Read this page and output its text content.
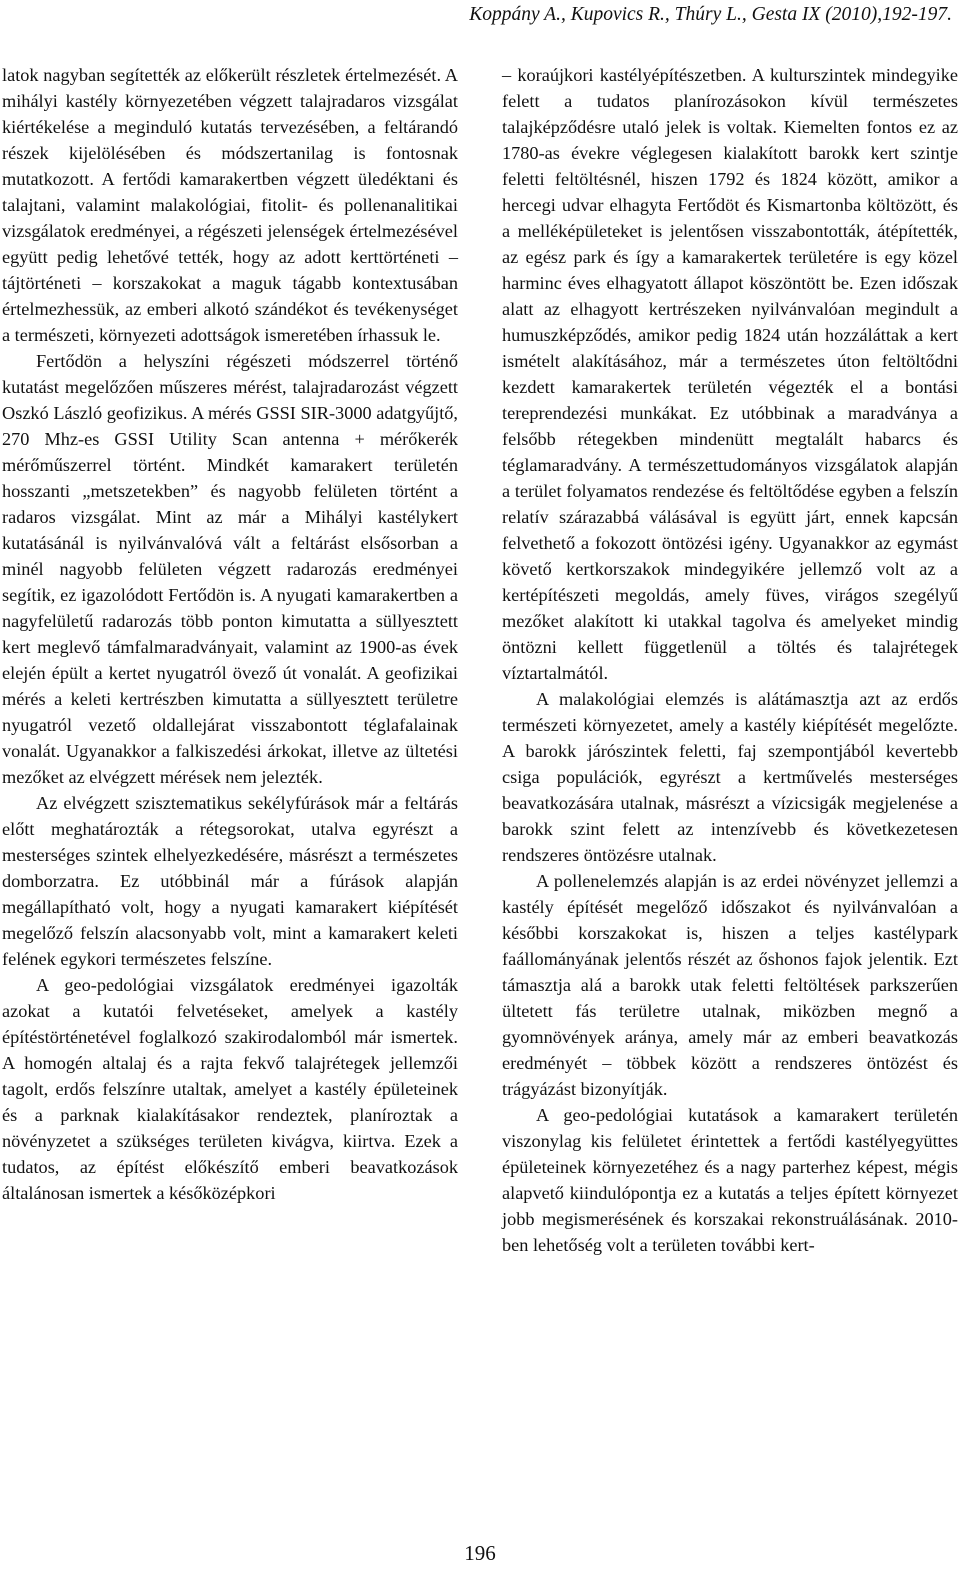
Koppány A., Kupovics R., Thúry L., Gesta IX (2010),192-197.

latok nagyban segítették az előkerült részletek értelmezését. A mihályi kastély környezetében végzett talajradaros vizsgálat kiértékelése a meginduló kutatás tervezésében, a feltárandó részek kijelölésében és módszertanilag is fontosnak mutatkozott. A fertődi kamarakertben végzett üledéktani és talajtani, valamint malakológiai, fitolit- és pollenanalitikai vizsgálatok eredményei, a régészeti jelenségek értelmezésével együtt pedig lehetővé tették, hogy az adott kerttörténeti – tájtörténeti – korszakokat a maguk tágabb kontextusában értelmezhessük, az emberi alkotó szándékot és tevékenységet a természeti, környezeti adottságok ismeretében írhassuk le.

Fertődön a helyszíni régészeti módszerrel történő kutatást megelőzően műszeres mérést, talajradarozást végzett Oszkó László geofizikus. A mérés GSSI SIR-3000 adatgyűjtő, 270 Mhz-es GSSI Utility Scan antenna + mérőkerék mérőműszerrel történt. Mindkét kamarakert területén hosszanti „metszetekben” és nagyobb felületen történt a radaros vizsgálat. Mint az már a Mihályi kastélykert kutatásánál is nyilvánvalóvá vált a feltárást elsősorban a minél nagyobb felületen végzett radarozás eredményei segítik, ez igazolódott Fertődön is. A nyugati kamarakertben a nagyfelületű radarozás több ponton kimutatta a süllyesztett kert meglevő támfalmaradványait, valamint az 1900-as évek elején épült a kertet nyugatról övező út vonalát. A geofizikai mérés a keleti kertrészben kimutatta a süllyesztett területre nyugatról vezető oldallejárat visszabontott téglafalainak vonalát. Ugyanakkor a falkiszedési árkokat, illetve az ültetési mezőket az elvégzett mérések nem jelezték.

Az elvégzett szisztematikus sekélyfúrások már a feltárás előtt meghatározták a rétegsorokat, utalva egyrészt a mesterséges szintek elhelyezkedésére, másrészt a természetes domborzatra. Ez utóbbinál már a fúrások alapján megállapítható volt, hogy a nyugati kamarakert kiépítését megelőző felszín alacsonyabb volt, mint a kamarakert keleti felének egykori természetes felszíne.

A geo-pedológiai vizsgálatok eredményei igazolták azokat a kutatói felvetéseket, amelyek a kastély építéstörténetével foglalkozó szakirodalomból már ismertek. A homogén altalaj és a rajta fekvő talajrétegek jellemzői tagolt, erdős felszínre utaltak, amelyet a kastély épületeinek és a parknak kialakításakor rendeztek, planíroztak a növényzetet a szükséges területen kivágva, kiirtva. Ezek a tudatos, az építést előkészítő emberi beavatkozások általánosan ismertek a későközépkori

– koraújkori kastélyépítészetben. A kulturszintek mindegyike felett a tudatos planírozásokon kívül természetes talajképződésre utaló jelek is voltak. Kiemelten fontos ez az 1780-as évekre véglegesen kialakított barokk kert szintje feletti feltöltésnél, hiszen 1792 és 1824 között, amikor a hercegi udvar elhagyta Fertődöt és Kismartonba költözött, és a melléképületeket is jelentősen visszabontották, átépítették, az egész park és így a kamarakertek területére is egy közel harminc éves elhagyatott állapot köszöntött be. Ezen időszak alatt az elhagyott kertrészeken nyilvánvalóan megindult a humuszképződés, amikor pedig 1824 után hozzáláttak a kert ismételt alakításához, már a természetes úton feltöltődni kezdett kamarakertek területén végezték el a bontási tereprendezési munkákat. Ez utóbbinak a maradványa a felsőbb rétegekben mindenütt megtalált habarcs és téglamaradvány. A természettudományos vizsgálatok alapján a terület folyamatos rendezése és feltöltődése egyben a felszín relatív szárazabbá válásával is együtt járt, ennek kapcsán felvethető a fokozott öntözési igény. Ugyanakkor az egymást követő kertkorszakok mindegyikére jellemző volt az a kertépítészeti megoldás, amely füves, virágos szegélyű mezőket alakított ki utakkal tagolva és amelyeket mindig öntözni kellett függetlenül a töltés és talajrétegek víztartalmától.

A malakológiai elemzés is alátámasztja azt az erdős természeti környezetet, amely a kastély kiépítését megelőzte. A barokk járószintek feletti, faj szempontjából kevertebb csiga populációk, egyrészt a kertművelés mesterséges beavatkozására utalnak, másrészt a vízicsigák megjelenése a barokk szint felett az intenzívebb és következetesen rendszeres öntözésre utalnak.

A pollenelemzés alapján is az erdei növényzet jellemzi a kastély építését megelőző időszakot és nyilvánvalóan a későbbi korszakokat is, hiszen a teljes kastélypark faállományának jelentős részét az őshonos fajok jelentik. Ezt támasztja alá a barokk utak feletti feltöltések parkszerűen ültetett fás területre utalnak, miközben megnő a gyomnövények aránya, amely már az emberi beavatkozás eredményét – többek között a rendszeres öntözést és trágyázást bizonyítják.

A geo-pedológiai kutatások a kamarakert területén viszonylag kis felületet érintettek a fertődi kastélyegyüttes épületeinek környezetéhez és a nagy parterhez képest, mégis alapvető kiindulópontja ez a kutatás a teljes épített környezet jobb megismerésének és korszakai rekonstruálásának. 2010-ben lehetőség volt a területen további kert-

196
